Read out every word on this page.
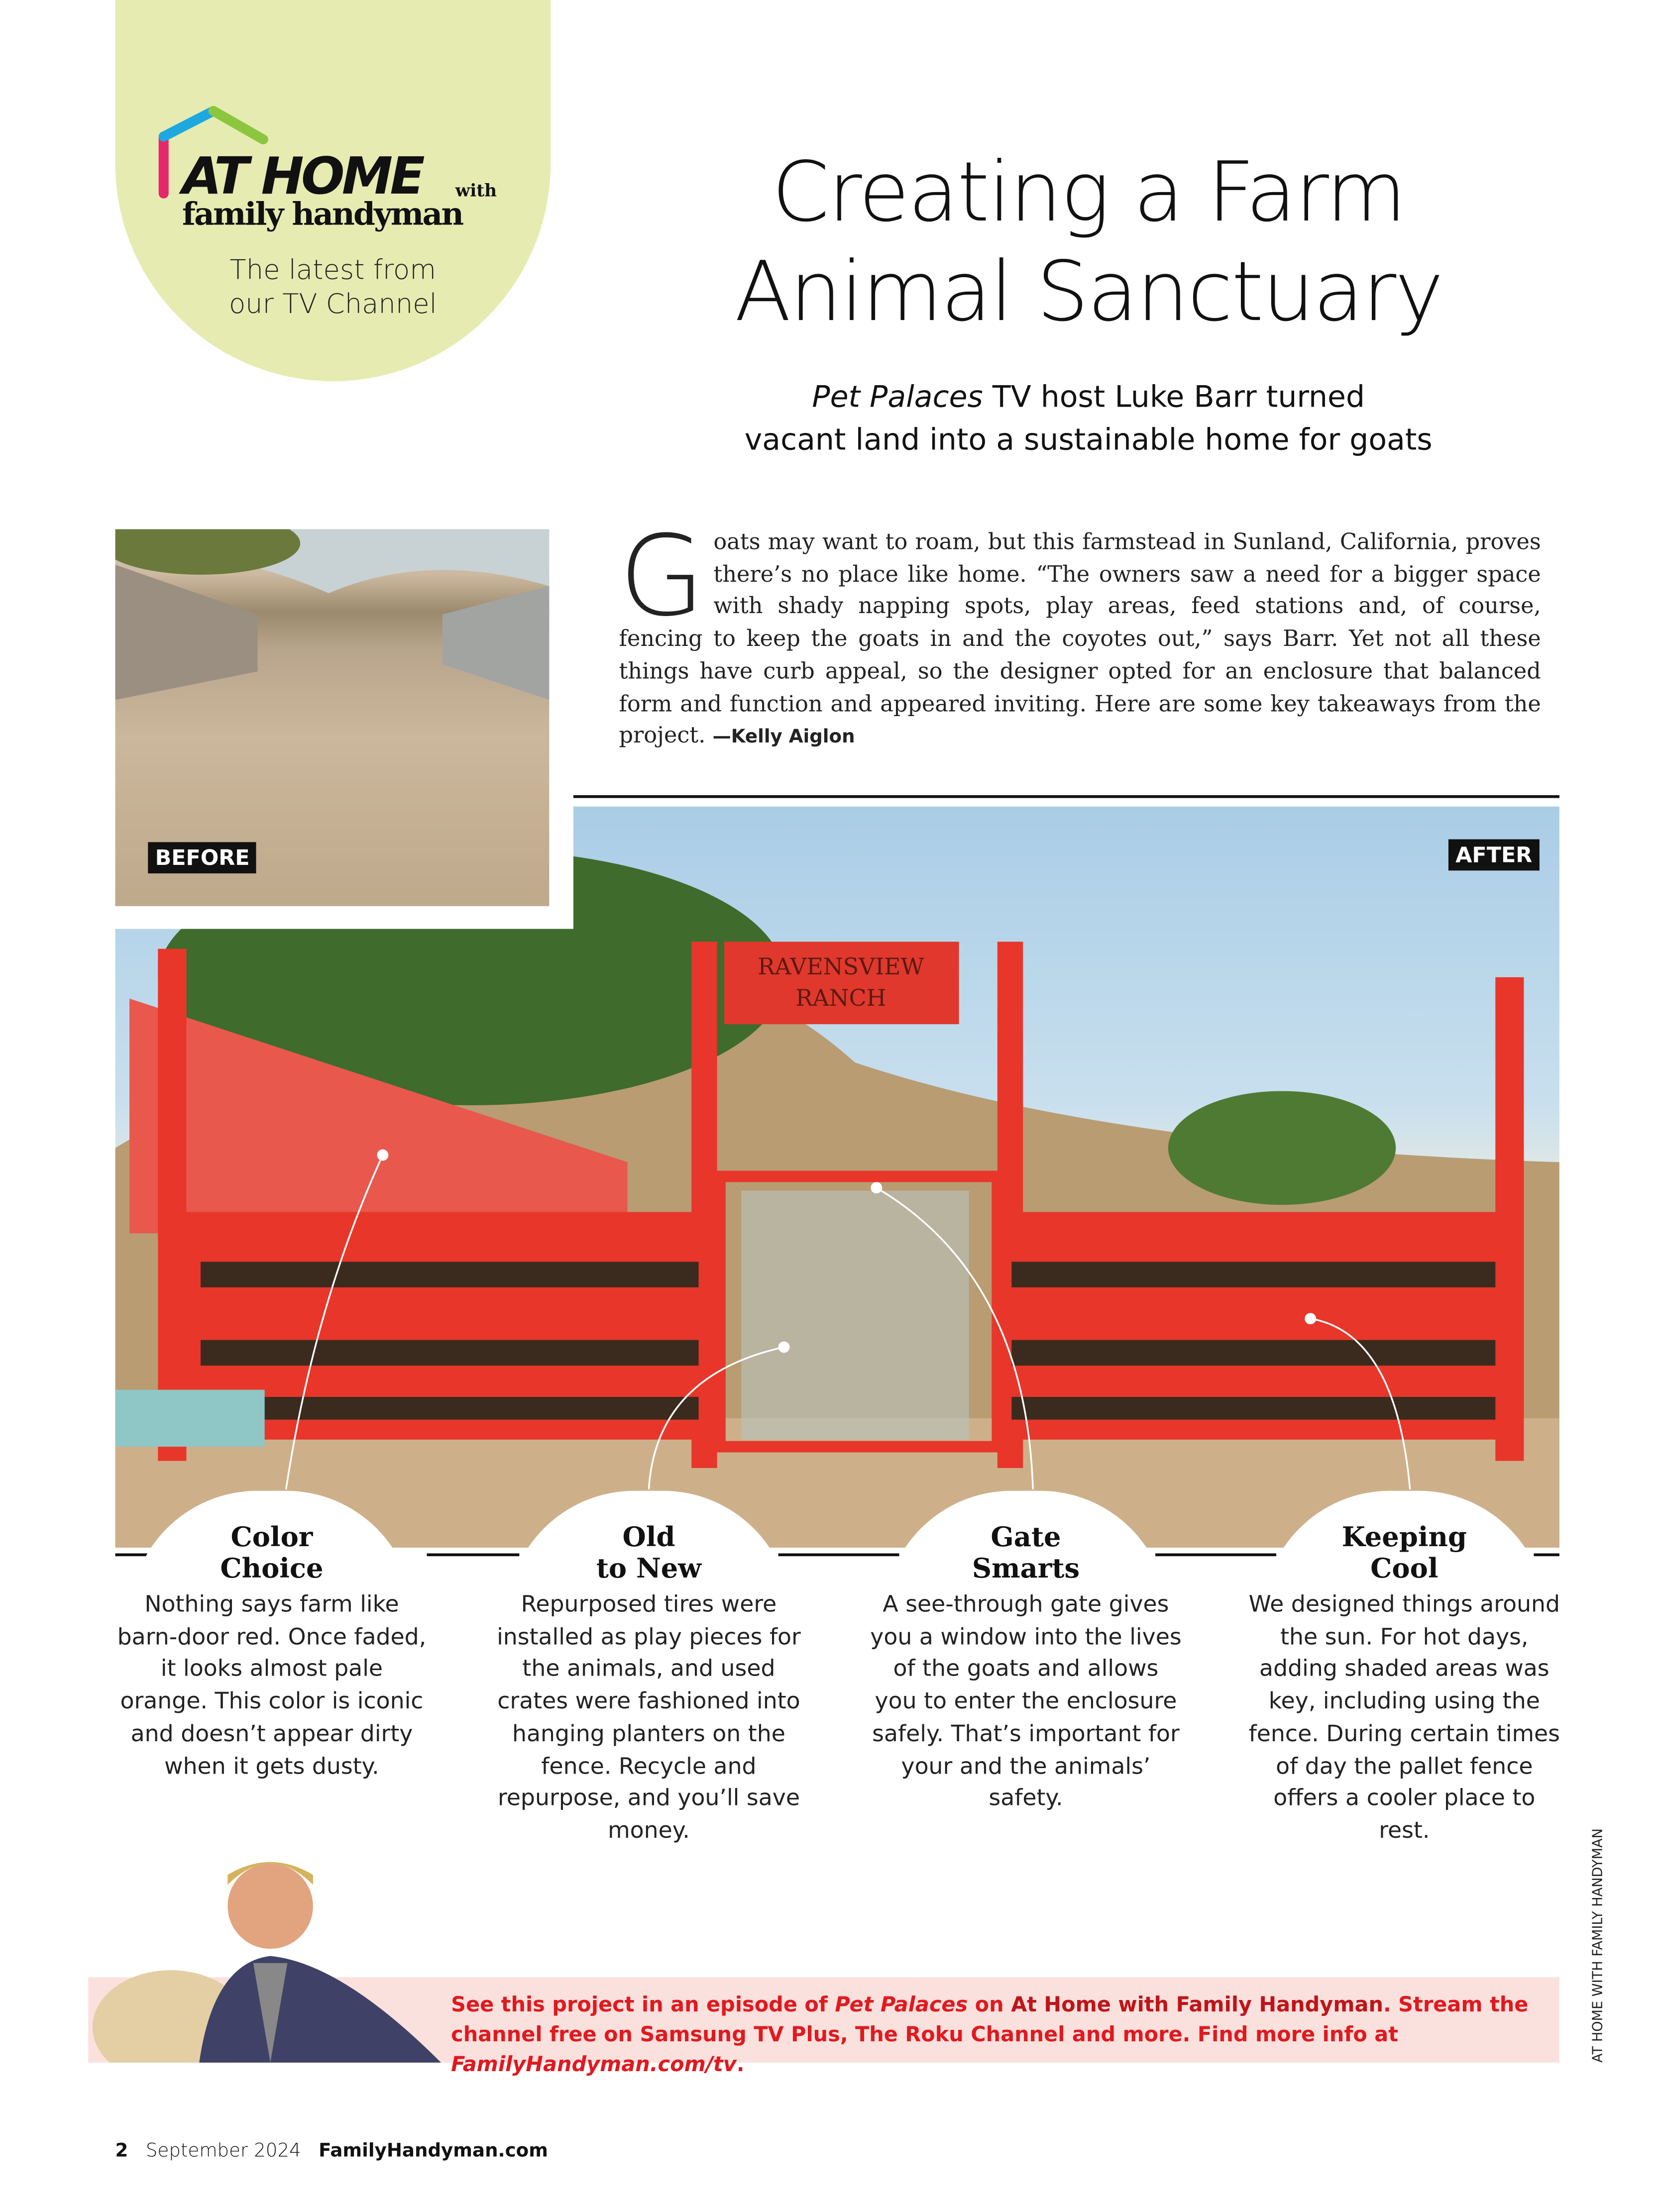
AT HOME	with
family handyman
The latest from
our TV Channel
Creating a Farm
Animal Sanctuary
Pet Palaces TV host Luke Barr turned
vacant land into a sustainable home for goats
G oats may want to roam, but this farmstead in Sunland, California, proves there’s no place like home. “The owners saw a need for a bigger space with shady napping spots, play areas, feed stations and, of course, fencing to keep the goats in and the coyotes out,” says Barr. Yet not all these things have curb appeal, so the designer opted for an enclosure that balanced form and function and appeared inviting. Here are some key takeaways from the project. —Kelly Aiglon
RAVENSVIEW
RANCH
AFTER
BEFORE
Color
Choice

Nothing says farm like barn-door red. Once faded, it looks almost pale orange. This color is iconic and doesn’t appear dirty when it gets dusty.

Old
to New

Repurposed tires were installed as play pieces for the animals, and used crates were fashioned into hanging planters on the fence. Recycle and repurpose, and you’ll save money.

Gate
Smarts

A see-through gate gives you a window into the lives of the goats and allows you to enter the enclosure safely. That’s important for your and the animals’ safety.

Keeping
Cool

We designed things around the sun. For hot days, adding shaded areas was key, including using the fence. During certain times of day the pallet fence offers a cooler place to rest.

See this project in an episode of Pet Palaces on At Home with Family Handyman. Stream the channel free on Samsung TV Plus, The Roku Channel and more. Find more info at FamilyHandyman.com/tv.
AT HOME WITH FAMILY HANDYMAN
2	September 2024	FamilyHandyman.com
